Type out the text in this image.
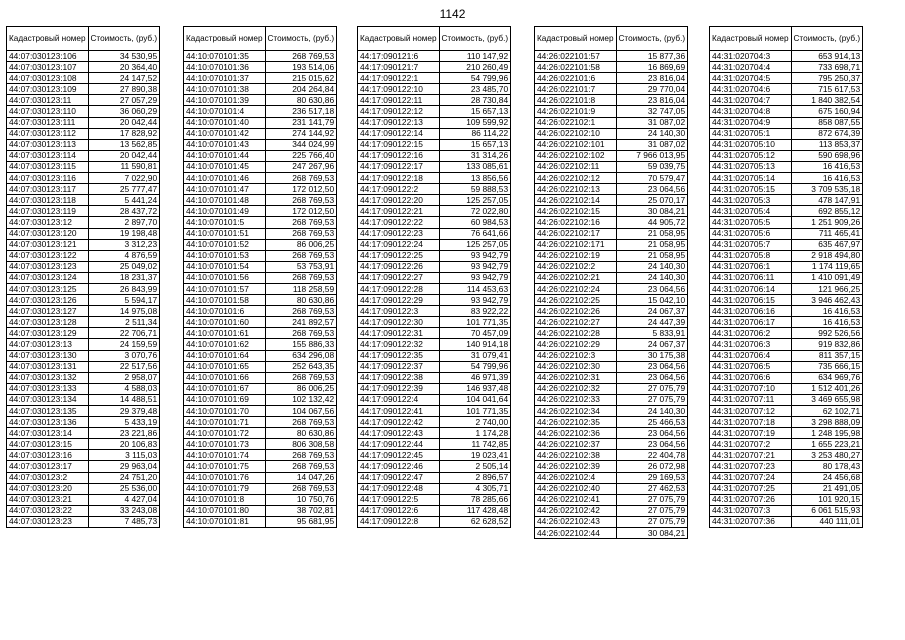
1142
Кадастровый номер	Стоимость, (руб.)
44:07:030123:106	34 530,95
44:07:030123:107	20 364,40
44:07:030123:108	24 147,52
44:07:030123:109	27 890,38
44:07:030123:11	27 057,29
44:07:030123:110	36 060,29
44:07:030123:111	20 042,44
44:07:030123:112	17 828,92
44:07:030123:113	13 562,85
44:07:030123:114	20 042,44
44:07:030123:115	11 590,81
44:07:030123:116	7 022,90
44:07:030123:117	25 777,47
44:07:030123:118	5 441,24
44:07:030123:119	28 437,72
44:07:030123:12	2 897,70
44:07:030123:120	19 198,48
44:07:030123:121	3 312,23
44:07:030123:122	4 876,59
44:07:030123:123	25 049,02
44:07:030123:124	18 231,37
44:07:030123:125	26 843,99
44:07:030123:126	5 594,17
44:07:030123:127	14 975,08
44:07:030123:128	2 511,34
44:07:030123:129	22 706,71
44:07:030123:13	24 159,59
44:07:030123:130	3 070,76
44:07:030123:131	22 517,56
44:07:030123:132	2 958,07
44:07:030123:133	4 588,03
44:07:030123:134	14 488,51
44:07:030123:135	29 379,48
44:07:030123:136	5 433,19
44:07:030123:14	23 221,86
44:07:030123:15	20 106,83
44:07:030123:16	3 115,03
44:07:030123:17	29 963,04
44:07:030123:2	24 751,20
44:07:030123:20	25 536,00
44:07:030123:21	4 427,04
44:07:030123:22	33 243,08
44:07:030123:23	7 485,73
Кадастровый номер	Стоимость, (руб.)
44:10:070101:35	268 769,53
44:10:070101:36	193 514,06
44:10:070101:37	215 015,62
44:10:070101:38	204 264,84
44:10:070101:39	80 630,86
44:10:070101:4	236 517,18
44:10:070101:40	231 141,79
44:10:070101:42	274 144,92
44:10:070101:43	344 024,99
44:10:070101:44	225 766,40
44:10:070101:45	247 267,96
44:10:070101:46	268 769,53
44:10:070101:47	172 012,50
44:10:070101:48	268 769,53
44:10:070101:49	172 012,50
44:10:070101:5	268 769,53
44:10:070101:51	268 769,53
44:10:070101:52	86 006,25
44:10:070101:53	268 769,53
44:10:070101:54	53 753,91
44:10:070101:56	268 769,53
44:10:070101:57	118 258,59
44:10:070101:58	80 630,86
44:10:070101:6	268 769,53
44:10:070101:60	241 892,57
44:10:070101:61	268 769,53
44:10:070101:62	155 886,33
44:10:070101:64	634 296,08
44:10:070101:65	252 643,35
44:10:070101:66	268 769,53
44:10:070101:67	86 006,25
44:10:070101:69	102 132,42
44:10:070101:70	104 067,56
44:10:070101:71	268 769,53
44:10:070101:72	80 630,86
44:10:070101:73	806 308,58
44:10:070101:74	268 769,53
44:10:070101:75	268 769,53
44:10:070101:76	14 047,26
44:10:070101:79	268 769,53
44:10:070101:8	10 750,76
44:10:070101:80	38 702,81
44:10:070101:81	95 681,95
Кадастровый номер	Стоимость, (руб.)
44:17:090121:6	110 147,92
44:17:090121:7	210 260,49
44:17:090122:1	54 799,96
44:17:090122:10	23 485,70
44:17:090122:11	28 730,84
44:17:090122:12	15 657,13
44:17:090122:13	109 599,92
44:17:090122:14	86 114,22
44:17:090122:15	15 657,13
44:17:090122:16	31 314,26
44:17:090122:17	133 085,61
44:17:090122:18	13 856,56
44:17:090122:2	59 888,53
44:17:090122:20	125 257,05
44:17:090122:21	72 022,80
44:17:090122:22	60 984,53
44:17:090122:23	76 641,66
44:17:090122:24	125 257,05
44:17:090122:25	93 942,79
44:17:090122:26	93 942,79
44:17:090122:27	93 942,79
44:17:090122:28	114 453,63
44:17:090122:29	93 942,79
44:17:090122:3	83 922,22
44:17:090122:30	101 771,35
44:17:090122:31	70 457,09
44:17:090122:32	140 914,18
44:17:090122:35	31 079,41
44:17:090122:37	54 799,96
44:17:090122:38	46 971,39
44:17:090122:39	146 937,48
44:17:090122:4	104 041,64
44:17:090122:41	101 771,35
44:17:090122:42	2 740,00
44:17:090122:43	1 174,28
44:17:090122:44	11 742,85
44:17:090122:45	19 023,41
44:17:090122:46	2 505,14
44:17:090122:47	2 896,57
44:17:090122:48	4 305,71
44:17:090122:5	78 285,66
44:17:090122:6	117 428,48
44:17:090122:8	62 628,52
Кадастровый номер	Стоимость, (руб.)
44:26:022101:57	15 877,36
44:26:022101:58	16 869,69
44:26:022101:6	23 816,04
44:26:022101:7	29 770,04
44:26:022101:8	23 816,04
44:26:022101:9	32 747,05
44:26:022102:1	31 087,02
44:26:022102:10	24 140,30
44:26:022102:101	31 087,02
44:26:022102:102	7 966 013,95
44:26:022102:11	59 039,75
44:26:022102:12	70 579,47
44:26:022102:13	23 064,56
44:26:022102:14	25 070,17
44:26:022102:15	30 084,21
44:26:022102:16	44 905,72
44:26:022102:17	21 058,95
44:26:022102:171	21 058,95
44:26:022102:19	21 058,95
44:26:022102:2	24 140,30
44:26:022102:21	24 140,30
44:26:022102:24	23 064,56
44:26:022102:25	15 042,10
44:26:022102:26	24 067,37
44:26:022102:27	24 447,39
44:26:022102:28	5 833,91
44:26:022102:29	24 067,37
44:26:022102:3	30 175,38
44:26:022102:30	23 064,56
44:26:022102:31	23 064,56
44:26:022102:32	27 075,79
44:26:022102:33	27 075,79
44:26:022102:34	24 140,30
44:26:022102:35	25 466,53
44:26:022102:36	23 064,56
44:26:022102:37	23 064,56
44:26:022102:38	22 404,78
44:26:022102:39	26 072,98
44:26:022102:4	29 169,53
44:26:022102:40	27 462,53
44:26:022102:41	27 075,79
44:26:022102:42	27 075,79
44:26:022102:43	27 075,79
44:26:022102:44	30 084,21
Кадастровый номер	Стоимость, (руб.)
44:31:020704:3	653 914,13
44:31:020704:4	733 698,71
44:31:020704:5	795 250,37
44:31:020704:6	715 617,53
44:31:020704:7	1 840 382,54
44:31:020704:8	675 160,94
44:31:020704:9	858 087,55
44:31:020705:1	872 674,39
44:31:020705:10	113 853,37
44:31:020705:12	590 698,96
44:31:020705:13	16 416,53
44:31:020705:14	16 416,53
44:31:020705:15	3 709 535,18
44:31:020705:3	478 147,91
44:31:020705:4	692 855,12
44:31:020705:5	1 251 909,26
44:31:020705:6	711 465,41
44:31:020705:7	635 467,97
44:31:020705:8	2 918 494,80
44:31:020706:1	1 174 119,65
44:31:020706:11	1 410 091,49
44:31:020706:14	121 966,25
44:31:020706:15	3 946 462,43
44:31:020706:16	16 416,53
44:31:020706:17	16 416,53
44:31:020706:2	992 526,56
44:31:020706:3	919 832,86
44:31:020706:4	811 357,15
44:31:020706:5	735 666,15
44:31:020706:6	634 969,76
44:31:020707:10	1 512 401,26
44:31:020707:11	3 469 655,98
44:31:020707:12	62 102,71
44:31:020707:18	3 298 888,09
44:31:020707:19	1 248 195,98
44:31:020707:2	1 655 223,21
44:31:020707:21	3 253 480,27
44:31:020707:23	80 178,43
44:31:020707:24	24 456,68
44:31:020707:25	21 491,05
44:31:020707:26	101 920,15
44:31:020707:3	6 061 515,93
44:31:020707:36	440 111,01
